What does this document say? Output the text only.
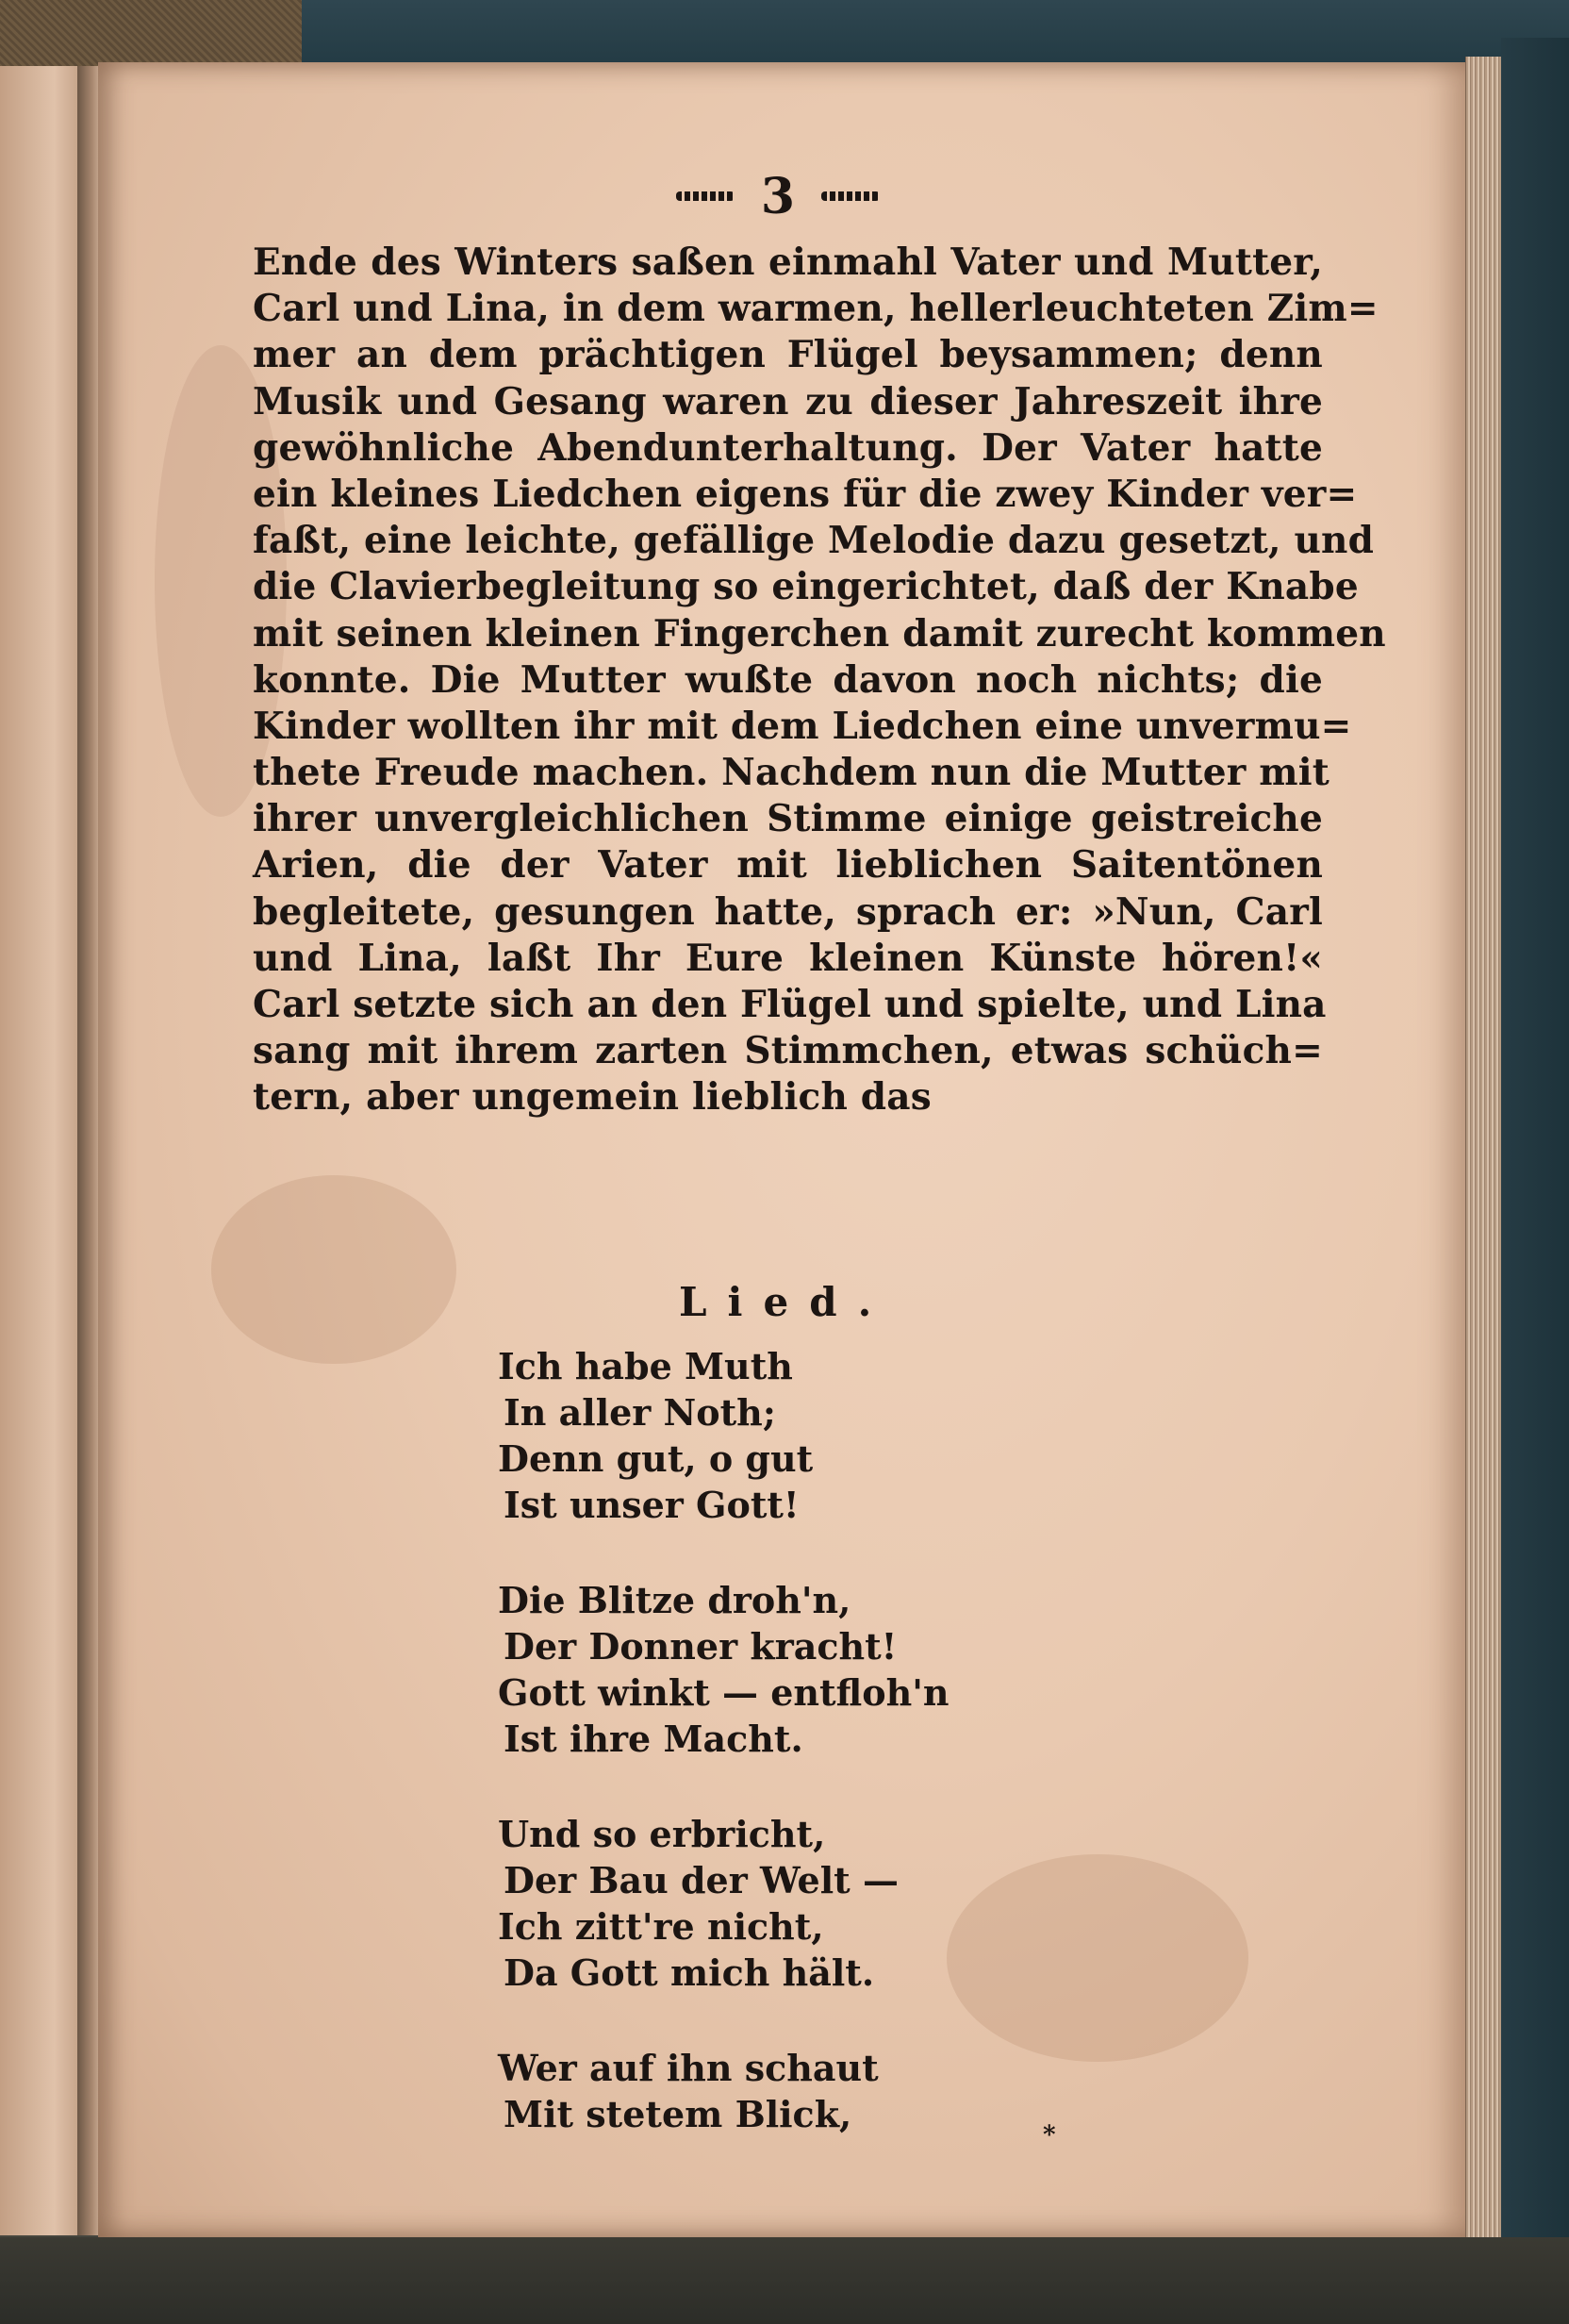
3
Ende des Winters saßen einmahl Vater und Mutter,
Carl und Lina, in dem warmen, hellerleuchteten Zim=
mer an dem prächtigen Flügel beysammen; denn
Musik und Gesang waren zu dieser Jahreszeit ihre
gewöhnliche Abendunterhaltung. Der Vater hatte
ein kleines Liedchen eigens für die zwey Kinder ver=
faßt, eine leichte, gefällige Melodie dazu gesetzt, und
die Clavierbegleitung so eingerichtet, daß der Knabe
mit seinen kleinen Fingerchen damit zurecht kommen
konnte. Die Mutter wußte davon noch nichts; die
Kinder wollten ihr mit dem Liedchen eine unvermu=
thete Freude machen. Nachdem nun die Mutter mit
ihrer unvergleichlichen Stimme einige geistreiche
Arien, die der Vater mit lieblichen Saitentönen
begleitete, gesungen hatte, sprach er: »Nun, Carl
und Lina, laßt Ihr Eure kleinen Künste hören!«
Carl setzte sich an den Flügel und spielte, und Lina
sang mit ihrem zarten Stimmchen, etwas schüch=
tern, aber ungemein lieblich das
Lied.
Ich habe Muth
In aller Noth;
Denn gut, o gut
Ist unser Gott!
Die Blitze droh'n,
Der Donner kracht!
Gott winkt — entfloh'n
Ist ihre Macht.
Und so erbricht,
Der Bau der Welt —
Ich zitt're nicht,
Da Gott mich hält.
Wer auf ihn schaut
Mit stetem Blick,	*
